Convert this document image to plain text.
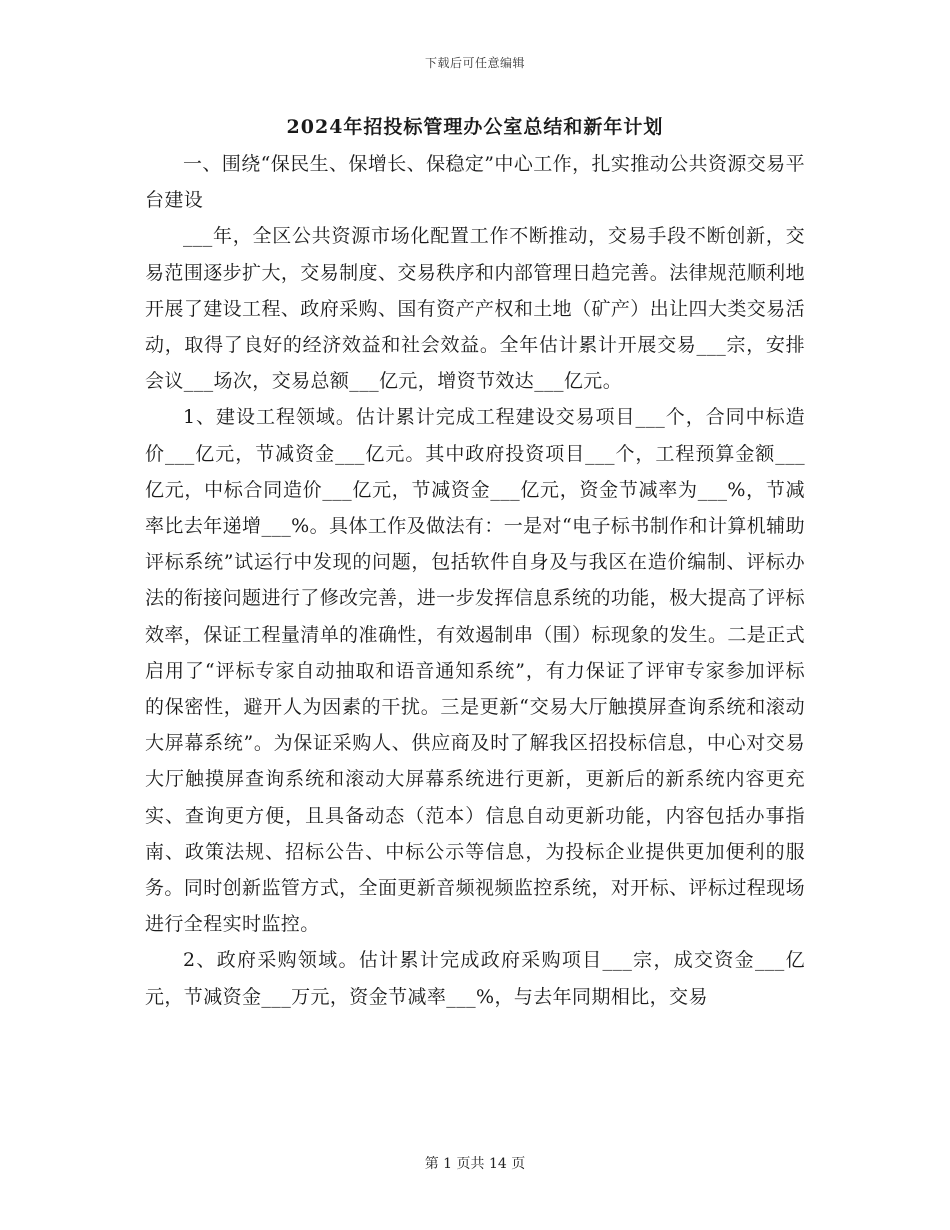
下载后可任意编辑
2024年招投标管理办公室总结和新年计划

一、围绕“保民生、保增长、保稳定”中心工作，扎实推动公共资源交易平台建设

___年，全区公共资源市场化配置工作不断推动，交易手段不断创新，交易范围逐步扩大，交易制度、交易秩序和内部管理日趋完善。法律规范顺利地开展了建设工程、政府采购、国有资产产权和土地（矿产）出让四大类交易活动，取得了良好的经济效益和社会效益。全年估计累计开展交易___宗，安排会议___场次，交易总额___亿元，增资节效达___亿元。

1、建设工程领域。估计累计完成工程建设交易项目___个，合同中标造价___亿元，节减资金___亿元。其中政府投资项目___个，工程预算金额___亿元，中标合同造价___亿元，节减资金___亿元，资金节减率为___%，节减率比去年递增___%。具体工作及做法有：一是对“电子标书制作和计算机辅助评标系统”试运行中发现的问题，包括软件自身及与我区在造价编制、评标办法的衔接问题进行了修改完善，进一步发挥信息系统的功能，极大提高了评标效率，保证工程量清单的准确性，有效遏制串（围）标现象的发生。二是正式启用了“评标专家自动抽取和语音通知系统”，有力保证了评审专家参加评标的保密性，避开人为因素的干扰。三是更新“交易大厅触摸屏查询系统和滚动大屏幕系统”。为保证采购人、供应商及时了解我区招投标信息，中心对交易大厅触摸屏查询系统和滚动大屏幕系统进行更新，更新后的新系统内容更充实、查询更方便，且具备动态（范本）信息自动更新功能，内容包括办事指南、政策法规、招标公告、中标公示等信息，为投标企业提供更加便利的服务。同时创新监管方式，全面更新音频视频监控系统，对开标、评标过程现场进行全程实时监控。

2、政府采购领域。估计累计完成政府采购项目___宗，成交资金___亿元，节减资金___万元，资金节减率___%，与去年同期相比，交易

第 1 页共 14 页
